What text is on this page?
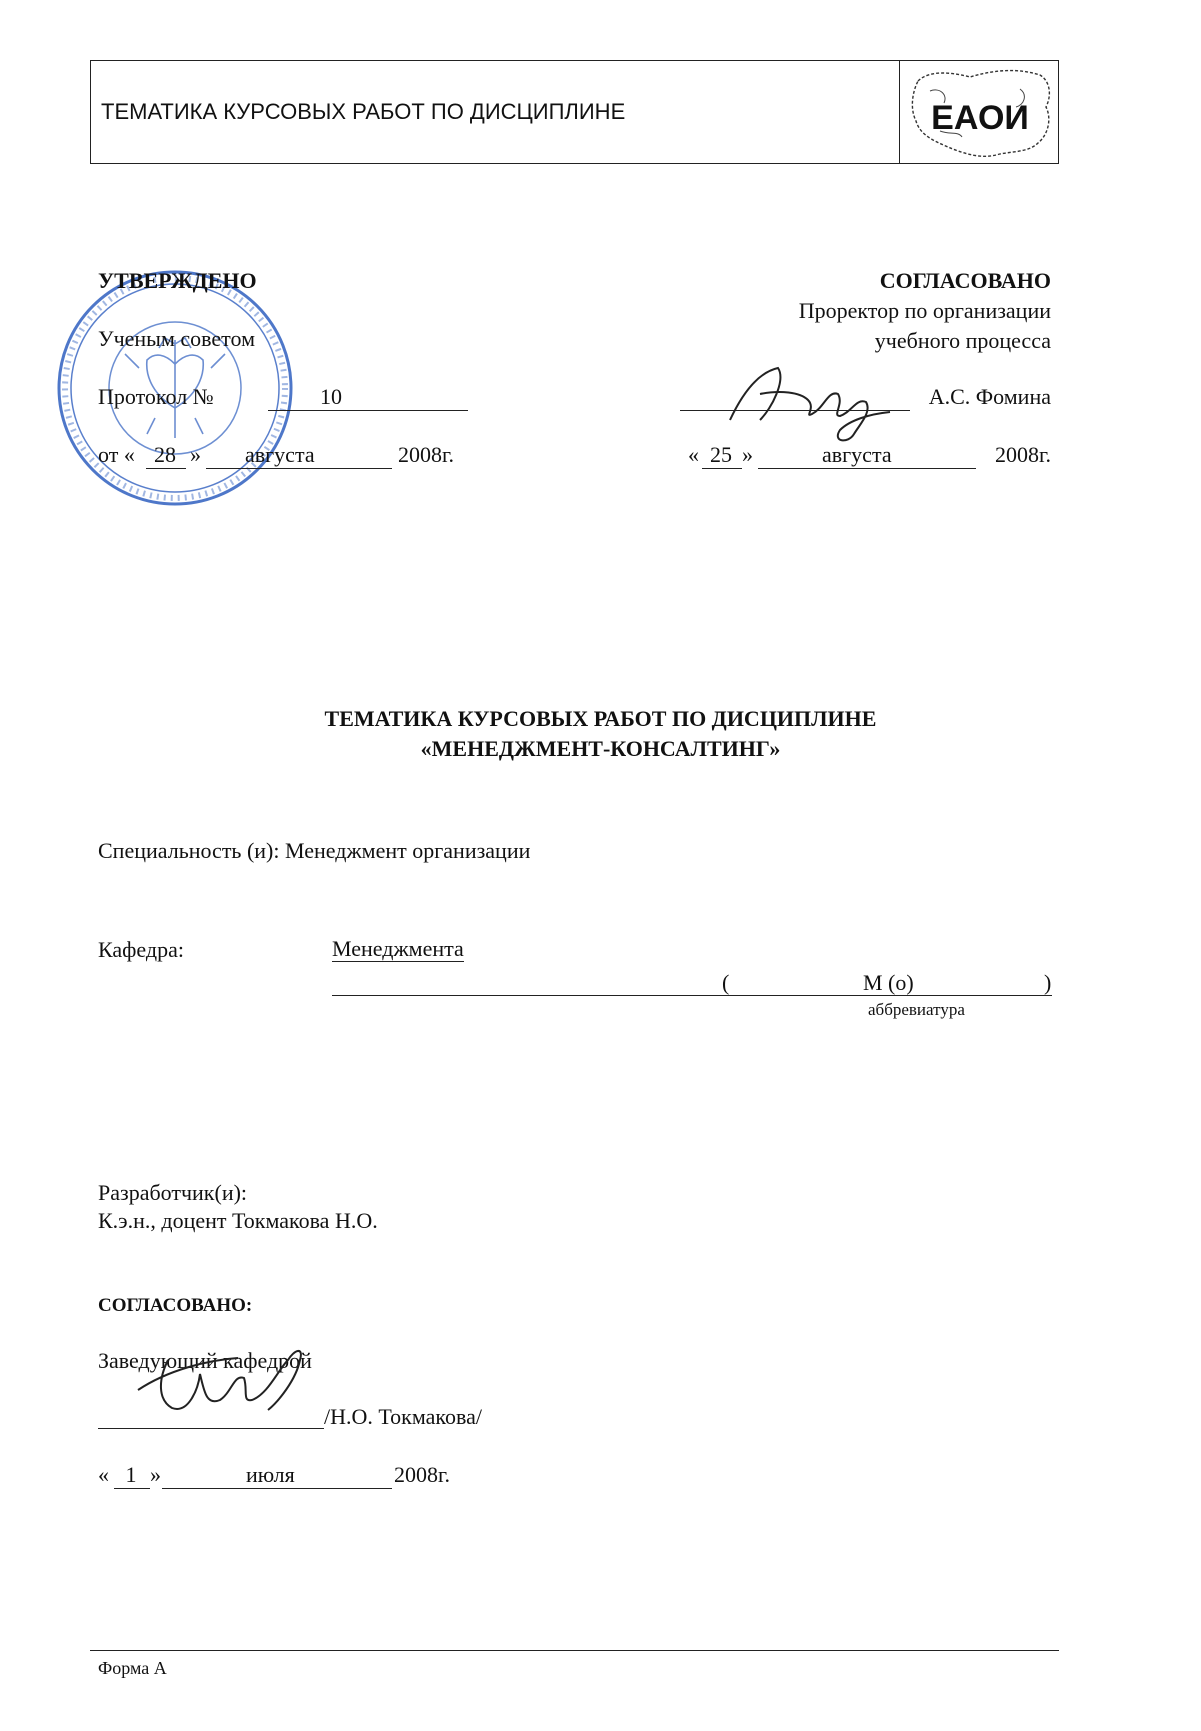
ТЕМАТИКА КУРСОВЫХ РАБОТ ПО ДИСЦИПЛИНЕ	ЕАОИ
УТВЕРЖДЕНО
Ученым советом
Протокол №	10
от « 28 » августа	2008г.
СОГЛАСОВАНО
Проректор по организации
учебного процесса
А.С. Фомина
« 25 »	августа	2008г.
ТЕМАТИКА КУРСОВЫХ РАБОТ ПО ДИСЦИПЛИНЕ
«МЕНЕДЖМЕНТ-КОНСАЛТИНГ»
Специальность (и): Менеджмент организации
Кафедра:	Менеджмента
(	М (о)	)
аббревиатура
Разработчик(и):
К.э.н., доцент Токмакова Н.О.
СОГЛАСОВАНО:
Заведующий кафедрой
/Н.О. Токмакова/
« 1 »	июля	2008г.
Форма А
